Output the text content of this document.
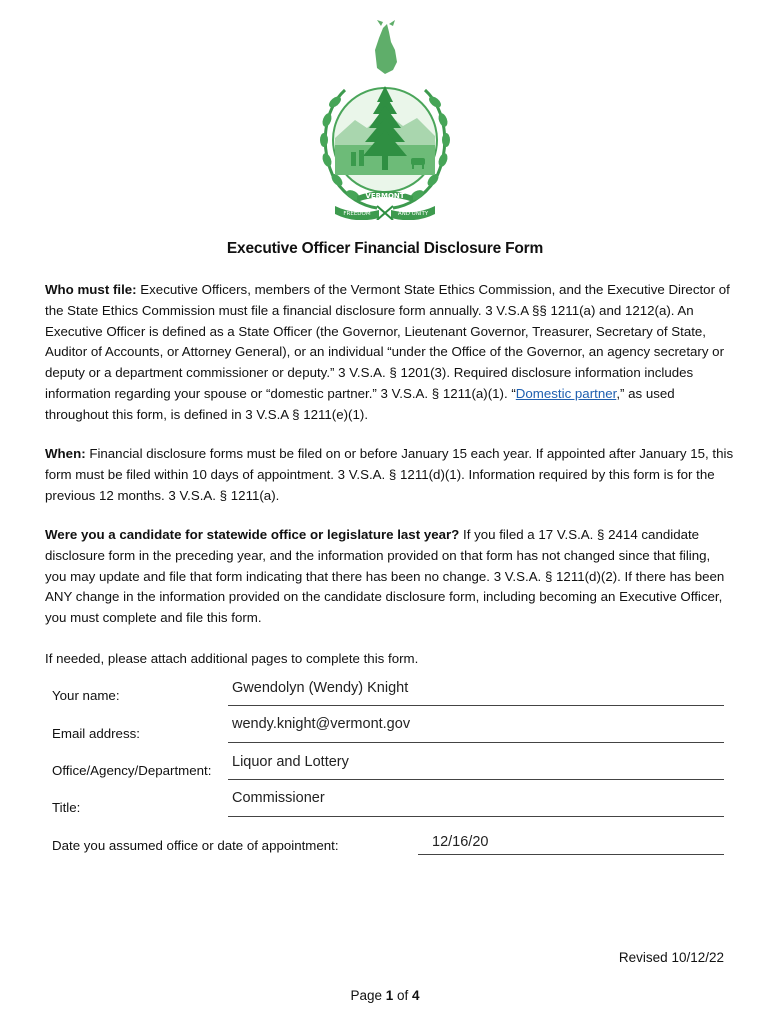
VERMONT
FREEDOM	AND UNITY
Executive Officer Financial Disclosure Form

Who must file: Executive Officers, members of the Vermont State Ethics Commission, and the Executive Director of the State Ethics Commission must file a financial disclosure form annually. 3 V.S.A §§ 1211(a) and 1212(a). An Executive Officer is defined as a State Officer (the Governor, Lieutenant Governor, Treasurer, Secretary of State, Auditor of Accounts, or Attorney General), or an individual “under the Office of the Governor, an agency secretary or deputy or a department commissioner or deputy.” 3 V.S.A. § 1201(3). Required disclosure information includes information regarding your spouse or “domestic partner.” 3 V.S.A. § 1211(a)(1). “Domestic partner,” as used throughout this form, is defined in 3 V.S.A § 1211(e)(1).

When: Financial disclosure forms must be filed on or before January 15 each year. If appointed after January 15, this form must be filed within 10 days of appointment. 3 V.S.A. § 1211(d)(1). Information required by this form is for the previous 12 months. 3 V.S.A. § 1211(a).

Were you a candidate for statewide office or legislature last year? If you filed a 17 V.S.A. § 2414 candidate disclosure form in the preceding year, and the information provided on that form has not changed since that filing, you may update and file that form indicating that there has been no change. 3 V.S.A. § 1211(d)(2). If there has been ANY change in the information provided on the candidate disclosure form, including becoming an Executive Officer, you must complete and file this form.

If needed, please attach additional pages to complete this form.

Your name:	Gwendolyn (Wendy) Knight
Email address:
wendy.knight@vermont.gov
Office/Agency/Department:
Liquor and Lottery
Title:
Commissioner
Date you assumed office or date of appointment:	12/16/20
Revised 10/12/22
Page 1 of 4
